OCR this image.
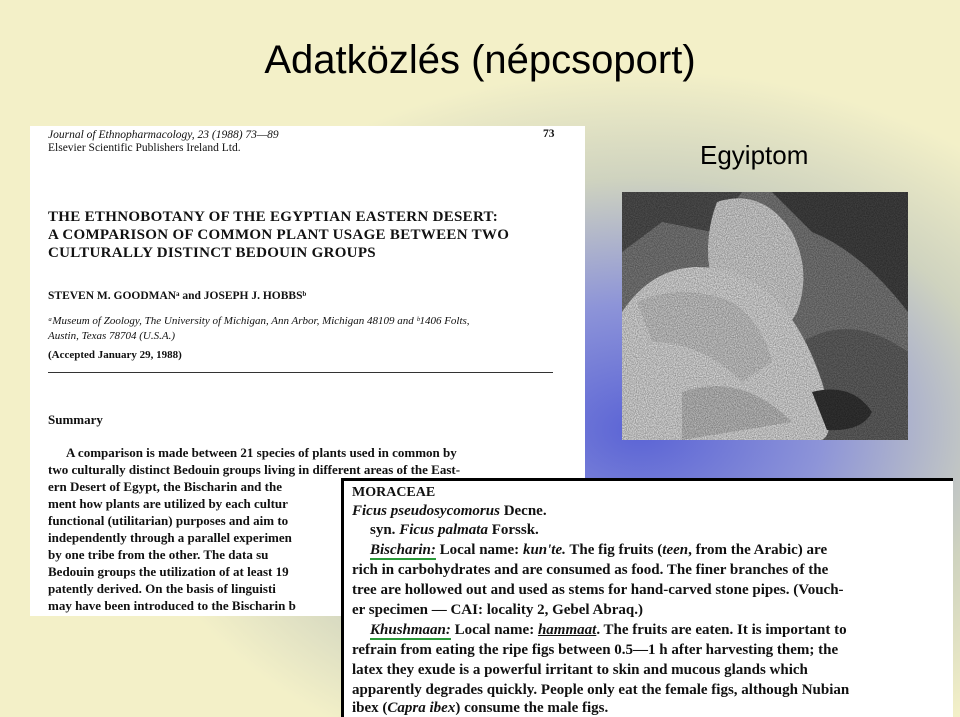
Adatközlés (népcsoport)
Egyiptom
Journal of Ethnopharmacology, 23 (1988) 73—89
Elsevier Scientific Publishers Ireland Ltd.
73
THE ETHNOBOTANY OF THE EGYPTIAN EASTERN DESERT:
A COMPARISON OF COMMON PLANT USAGE BETWEEN TWO
CULTURALLY DISTINCT BEDOUIN GROUPS
STEVEN M. GOODMANᵃ and JOSEPH J. HOBBSᵇ
ᵃMuseum of Zoology, The University of Michigan, Ann Arbor, Michigan 48109 and ᵇ1406 Folts,
Austin, Texas 78704 (U.S.A.)
(Accepted January 29, 1988)
Summary
A comparison is made between 21 species of plants used in common by
two culturally distinct Bedouin groups living in different areas of the East-
ern Desert of Egypt, the Bischarin and the
ment how plants are utilized by each cultur
functional (utilitarian) purposes and aim to
independently through a parallel experimen
by one tribe from the other. The data su
Bedouin groups the utilization of at least 19
patently derived. On the basis of linguisti
may have been introduced to the Bischarin b
MORACEAE
Ficus pseudosycomorus Decne.
syn. Ficus palmata Forssk.
Bischarin: Local name: kun'te. The fig fruits (teen, from the Arabic) are
rich in carbohydrates and are consumed as food. The finer branches of the
tree are hollowed out and used as stems for hand-carved stone pipes. (Vouch-
er specimen — CAI: locality 2, Gebel Abraq.)
Khushmaan: Local name: hammaat. The fruits are eaten. It is important to
refrain from eating the ripe figs between 0.5—1 h after harvesting them; the
latex they exude is a powerful irritant to skin and mucous glands which
apparently degrades quickly. People only eat the female figs, although Nubian
ibex (Capra ibex) consume the male figs.
